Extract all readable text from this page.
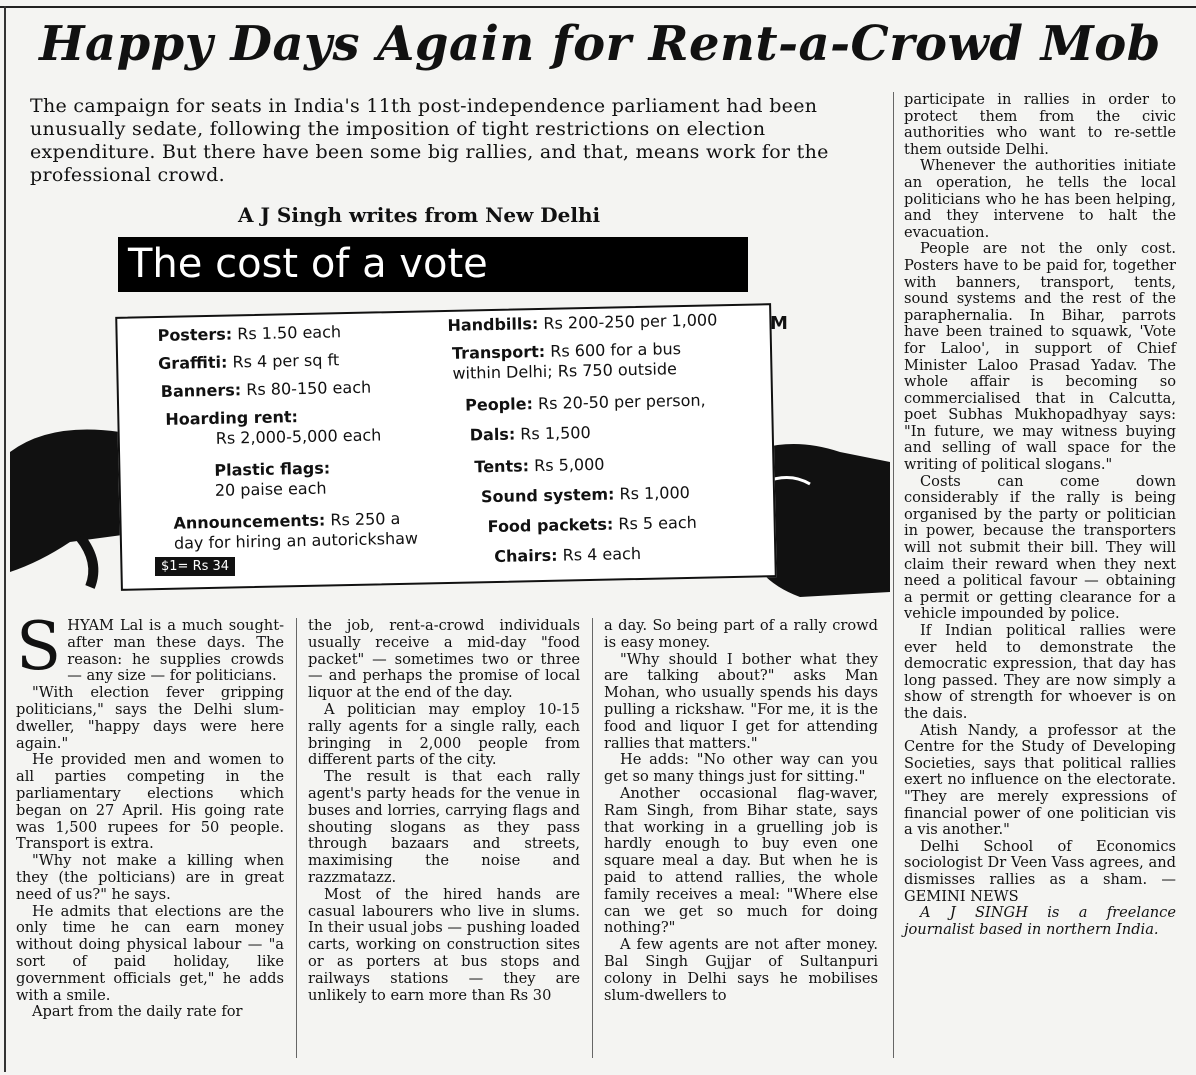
Happy Days Again for Rent-a-Crowd Mob

The campaign for seats in India's 11th post-independence parliament had been unusually sedate, following the imposition of tight restrictions on election expenditure. But there have been some big rallies, and that, means work for the professional crowd.

A J Singh writes from New Delhi

The cost of a vote
Posters: Rs 1.50 each
Graffiti: Rs 4 per sq ft
Banners: Rs 80-150 each
Hoarding rent:
Rs 2,000-5,000 each
Plastic flags:
20 paise each
Announcements: Rs 250 a
day for hiring an autorickshaw
Handbills: Rs 200-250 per 1,000
Transport: Rs 600 for a bus
within Delhi; Rs 750 outside
People: Rs 20-50 per person,
Dals: Rs 1,500
Tents: Rs 5,000
Sound system: Rs 1,000
Food packets: Rs 5 each
Chairs: Rs 4 each
$1= Rs 34
M

SHYAM Lal is a much sought-after man these days. The reason: he supplies crowds — any size — for politicians.

"With election fever gripping politicians," says the Delhi slum-dweller, "happy days were here again."

He provided men and women to all parties competing in the parliamentary elections which began on 27 April. His going rate was 1,500 rupees for 50 people. Transport is extra.

"Why not make a killing when they (the polticians) are in great need of us?" he says.

He admits that elections are the only time he can earn money without doing physical labour — "a sort of paid holiday, like government officials get," he adds with a smile.

Apart from the daily rate for

the job, rent-a-crowd individuals usually receive a mid-day "food packet" — sometimes two or three — and perhaps the promise of local liquor at the end of the day.

A politician may employ 10-15 rally agents for a single rally, each bringing in 2,000 people from different parts of the city.

The result is that each rally agent's party heads for the venue in buses and lorries, carrying flags and shouting slogans as they pass through bazaars and streets, maximising the noise and razzmatazz.

Most of the hired hands are casual labourers who live in slums. In their usual jobs — pushing loaded carts, working on construction sites or as porters at bus stops and railways stations — they are unlikely to earn more than Rs 30

a day. So being part of a rally crowd is easy money.

"Why should I bother what they are talking about?" asks Man Mohan, who usually spends his days pulling a rickshaw. "For me, it is the food and liquor I get for attending rallies that matters."

He adds: "No other way can you get so many things just for sitting."

Another occasional flag-waver, Ram Singh, from Bihar state, says that working in a gruelling job is hardly enough to buy even one square meal a day. But when he is paid to attend rallies, the whole family receives a meal: "Where else can we get so much for doing nothing?"

A few agents are not after money. Bal Singh Gujjar of Sultanpuri colony in Delhi says he mobilises slum-dwellers to

participate in rallies in order to protect them from the civic authorities who want to re-settle them outside Delhi.

Whenever the authorities initiate an operation, he tells the local politicians who he has been helping, and they intervene to halt the evacuation.

People are not the only cost. Posters have to be paid for, together with banners, transport, tents, sound systems and the rest of the paraphernalia. In Bihar, parrots have been trained to squawk, 'Vote for Laloo', in support of Chief Minister Laloo Prasad Yadav. The whole affair is becoming so commercialised that in Calcutta, poet Subhas Mukhopadhyay says: "In future, we may witness buying and selling of wall space for the writing of political slogans."

Costs can come down considerably if the rally is being organised by the party or politician in power, because the transporters will not submit their bill. They will claim their reward when they next need a political favour — obtaining a permit or getting clearance for a vehicle impounded by police.

If Indian political rallies were ever held to demonstrate the democratic expression, that day has long passed. They are now simply a show of strength for whoever is on the dais.

Atish Nandy, a professor at the Centre for the Study of Developing Societies, says that political rallies exert no influence on the electorate. "They are merely expressions of financial power of one politician vis a vis another."

Delhi School of Economics sociologist Dr Veen Vass agrees, and dismisses rallies as a sham. — GEMINI NEWS

A J SINGH is a freelance journalist based in northern India.
